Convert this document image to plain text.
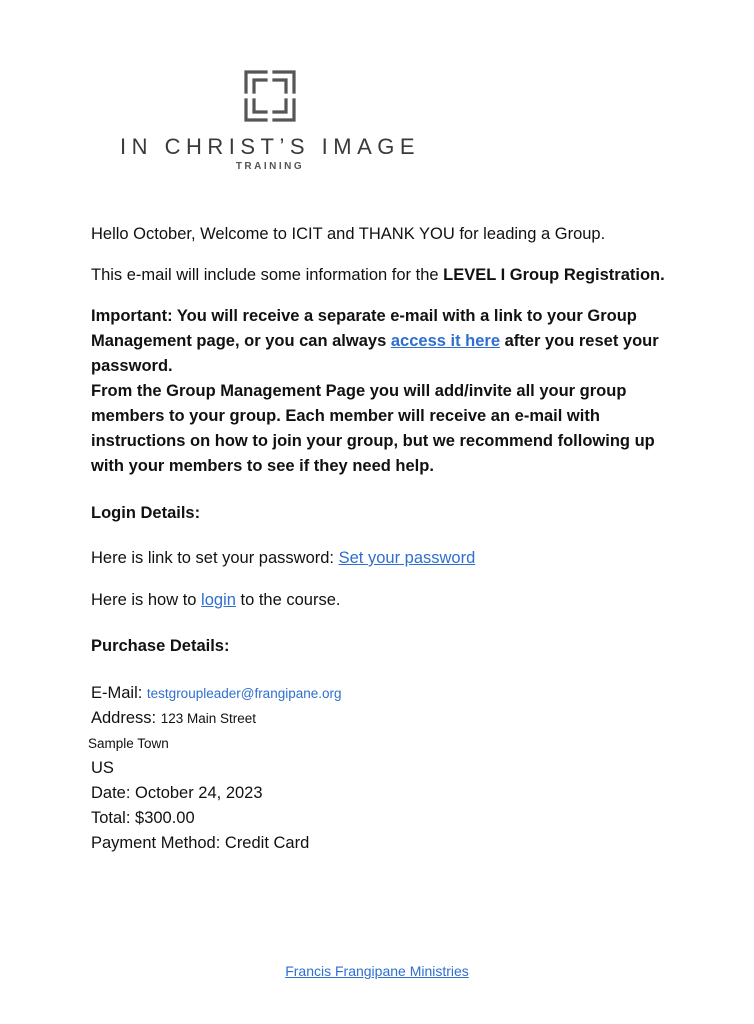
IN CHRIST’S IMAGE
TRAINING

Hello October, Welcome to ICIT and THANK YOU for leading a Group.

This e-mail will include some information for the LEVEL I Group Registration.

Important: You will receive a separate e-mail with a link to your Group Management page, or you can always access it here after you reset your password.
From the Group Management Page you will add/invite all your group members to your group. Each member will receive an e-mail with instructions on how to join your group, but we recommend following up with your members to see if they need help.

Login Details:

Here is link to set your password: Set your password

Here is how to login to the course.

Purchase Details:

E-Mail: testgroupleader@frangipane.org
Address: 123 Main Street
Sample Town
US
Date: October 24, 2023
Total: $300.00
Payment Method: Credit Card
Francis Frangipane Ministries
